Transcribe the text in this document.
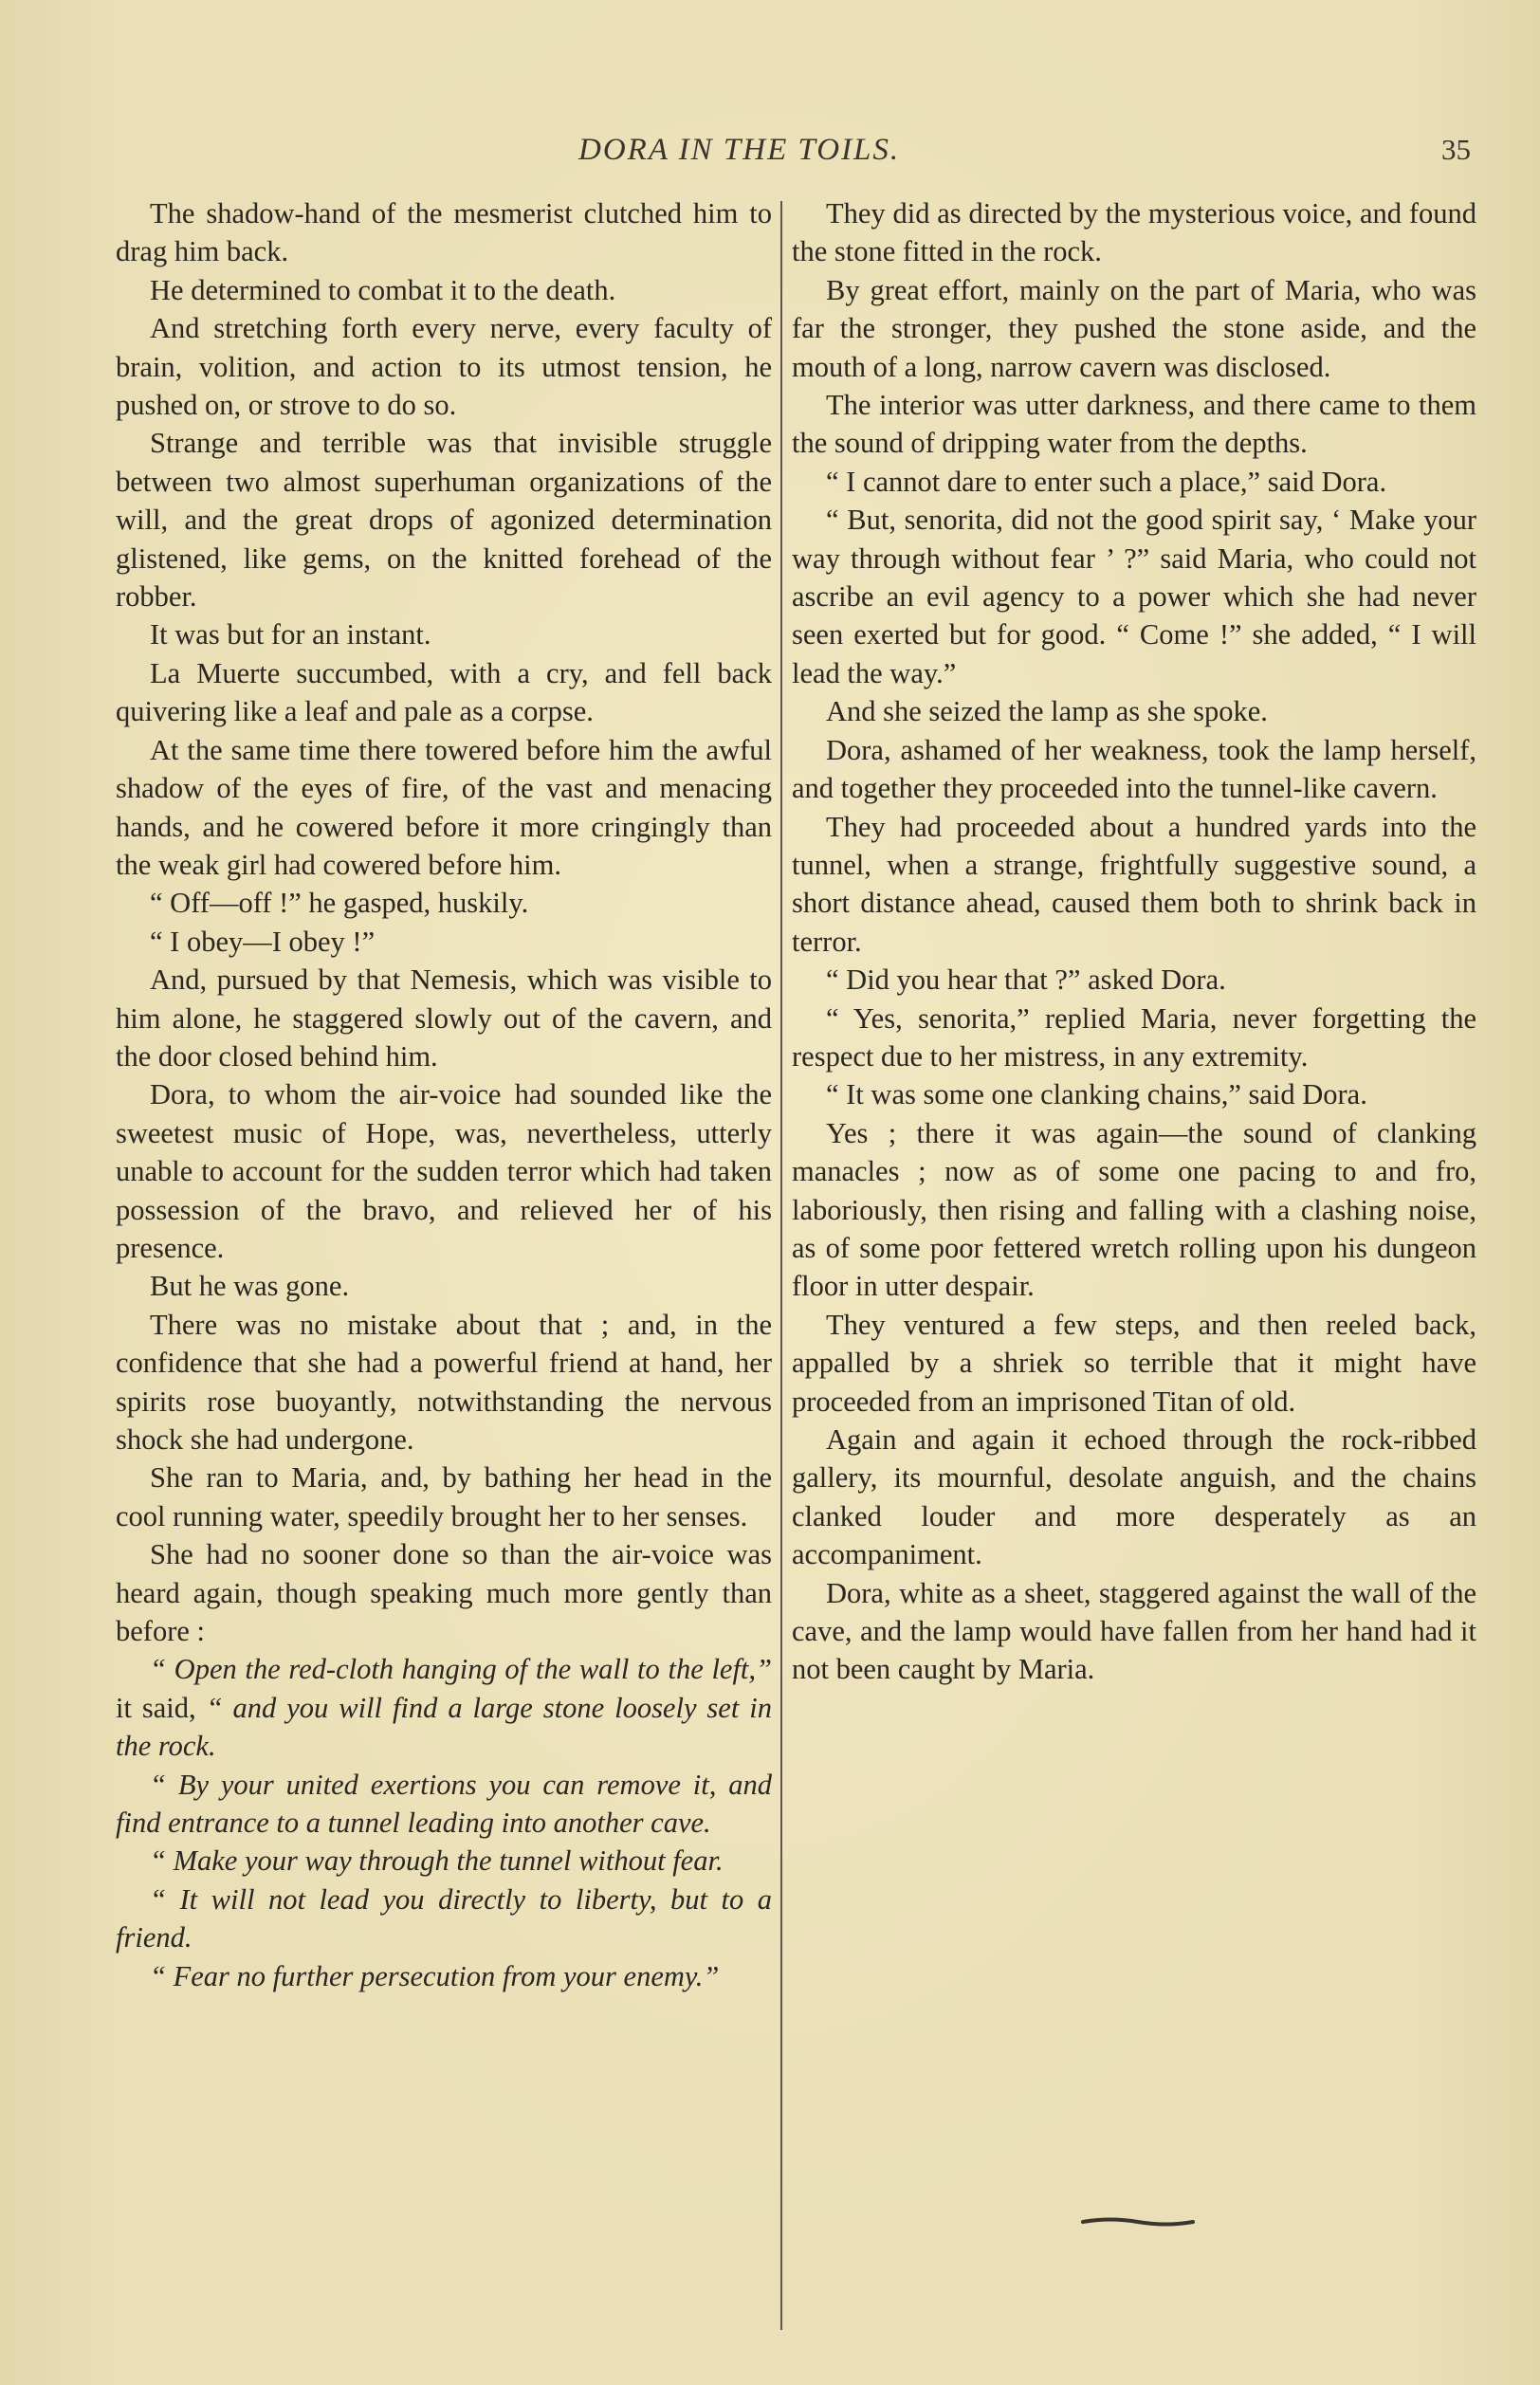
DORA IN THE TOILS.	35

The shadow-hand of the mesmerist clutched him to drag him back.

He determined to combat it to the death.

And stretching forth every nerve, every faculty of brain, volition, and action to its utmost tension, he pushed on, or strove to do so.

Strange and terrible was that invisible struggle between two almost superhuman organizations of the will, and the great drops of agonized determination glistened, like gems, on the knitted forehead of the robber.

It was but for an instant.

La Muerte succumbed, with a cry, and fell back quivering like a leaf and pale as a corpse.

At the same time there towered before him the awful shadow of the eyes of fire, of the vast and menacing hands, and he cowered before it more cringingly than the weak girl had cowered before him.

“ Off—off !” he gasped, huskily.

“ I obey—I obey !”

And, pursued by that Nemesis, which was visible to him alone, he staggered slowly out of the cavern, and the door closed behind him.

Dora, to whom the air-voice had sounded like the sweetest music of Hope, was, nevertheless, utterly unable to account for the sudden terror which had taken possession of the bravo, and relieved her of his presence.

But he was gone.

There was no mistake about that ; and, in the confidence that she had a powerful friend at hand, her spirits rose buoyantly, notwithstanding the nervous shock she had undergone.

She ran to Maria, and, by bathing her head in the cool running water, speedily brought her to her senses.

She had no sooner done so than the air-voice was heard again, though speaking much more gently than before :

“ Open the red-cloth hanging of the wall to the left,” it said, “ and you will find a large stone loosely set in the rock.

“ By your united exertions you can remove it, and find entrance to a tunnel leading into another cave.

“ Make your way through the tunnel without fear.

“ It will not lead you directly to liberty, but to a friend.

“ Fear no further persecution from your enemy.”

They did as directed by the mysterious voice, and found the stone fitted in the rock.

By great effort, mainly on the part of Maria, who was far the stronger, they pushed the stone aside, and the mouth of a long, narrow cavern was disclosed.

The interior was utter darkness, and there came to them the sound of dripping water from the depths.

“ I cannot dare to enter such a place,” said Dora.

“ But, senorita, did not the good spirit say, ‘ Make your way through without fear ’ ?” said Maria, who could not ascribe an evil agency to a power which she had never seen exerted but for good. “ Come !” she added, “ I will lead the way.”

And she seized the lamp as she spoke.

Dora, ashamed of her weakness, took the lamp herself, and together they proceeded into the tunnel-like cavern.

They had proceeded about a hundred yards into the tunnel, when a strange, frightfully suggestive sound, a short distance ahead, caused them both to shrink back in terror.

“ Did you hear that ?” asked Dora.

“ Yes, senorita,” replied Maria, never forgetting the respect due to her mistress, in any extremity.

“ It was some one clanking chains,” said Dora.

Yes ; there it was again—the sound of clanking manacles ; now as of some one pacing to and fro, laboriously, then rising and falling with a clashing noise, as of some poor fettered wretch rolling upon his dungeon floor in utter despair.

They ventured a few steps, and then reeled back, appalled by a shriek so terrible that it might have proceeded from an imprisoned Titan of old.

Again and again it echoed through the rock-ribbed gallery, its mournful, desolate anguish, and the chains clanked louder and more desperately as an accompaniment.

Dora, white as a sheet, staggered against the wall of the cave, and the lamp would have fallen from her hand had it not been caught by Maria.
